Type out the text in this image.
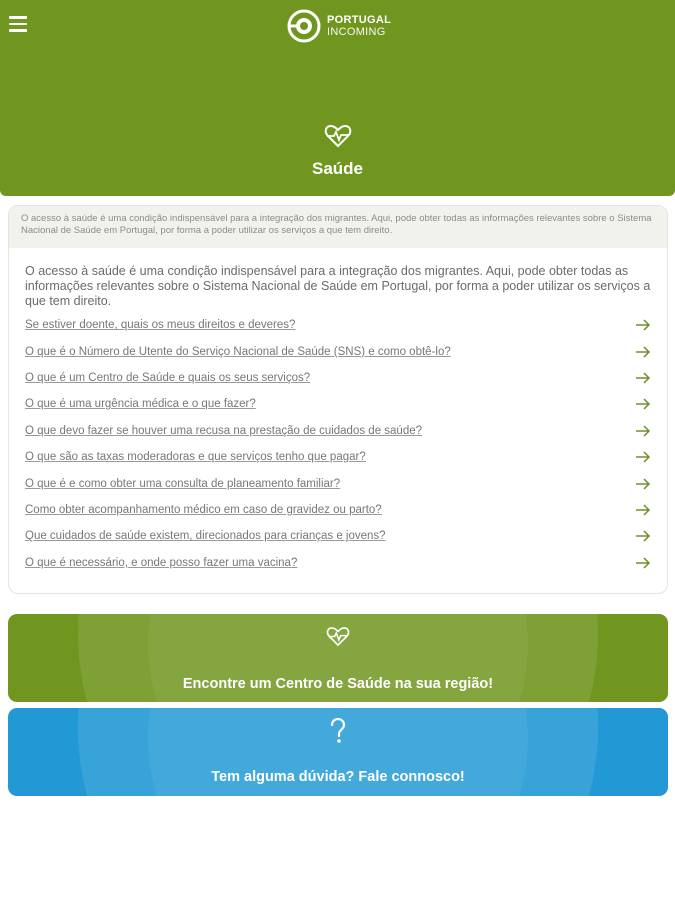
PORTUGAL
INCOMING
Saúde
O acesso à saúde é uma condição indispensável para a integração dos migrantes. Aqui, pode obter todas as informações relevantes sobre o Sistema Nacional de Saúde em Portugal, por forma a poder utilizar os serviços a que tem direito.
O acesso à saúde é uma condição indispensável para a integração dos migrantes. Aqui, pode obter todas as informações relevantes sobre o Sistema Nacional de Saúde em Portugal, por forma a poder utilizar os serviços a que tem direito.
Se estiver doente, quais os meus direitos e deveres?
O que é o Número de Utente do Serviço Nacional de Saúde (SNS) e como obtê-lo?
O que é um Centro de Saúde e quais os seus serviços?
O que é uma urgência médica e o que fazer?
O que devo fazer se houver uma recusa na prestação de cuidados de saúde?
O que são as taxas moderadoras e que serviços tenho que pagar?
O que é e como obter uma consulta de planeamento familiar?
Como obter acompanhamento médico em caso de gravidez ou parto?
Que cuidados de saúde existem, direcionados para crianças e jovens?
O que é necessário, e onde posso fazer uma vacina?
Encontre um Centro de Saúde na sua região!
Tem alguma dúvida? Fale connosco!
